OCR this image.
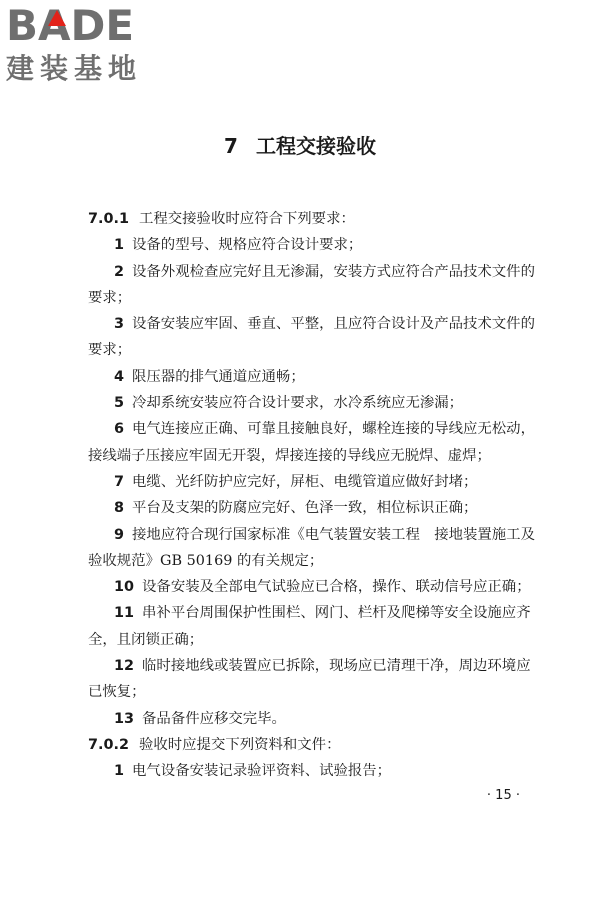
BADE
建装基地
7 工程交接验收

7.0.1 工程交接验收时应符合下列要求：

1 设备的型号、规格应符合设计要求；

2 设备外观检查应完好且无渗漏，安装方式应符合产品技术文件的要求；

3 设备安装应牢固、垂直、平整，且应符合设计及产品技术文件的要求；

4 限压器的排气通道应通畅；

5 冷却系统安装应符合设计要求，水冷系统应无渗漏；

6 电气连接应正确、可靠且接触良好，螺栓连接的导线应无松动，接线端子压接应牢固无开裂，焊接连接的导线应无脱焊、虚焊；

7 电缆、光纤防护应完好，屏柜、电缆管道应做好封堵；

8 平台及支架的防腐应完好、色泽一致，相位标识正确；

9 接地应符合现行国家标准《电气装置安装工程　接地装置施工及验收规范》GB 50169 的有关规定；

10 设备安装及全部电气试验应已合格，操作、联动信号应正确；

11 串补平台周围保护性围栏、网门、栏杆及爬梯等安全设施应齐全，且闭锁正确；

12 临时接地线或装置应已拆除，现场应已清理干净，周边环境应已恢复；

13 备品备件应移交完毕。

7.0.2 验收时应提交下列资料和文件：

1 电气设备安装记录验评资料、试验报告；

· 15 ·
